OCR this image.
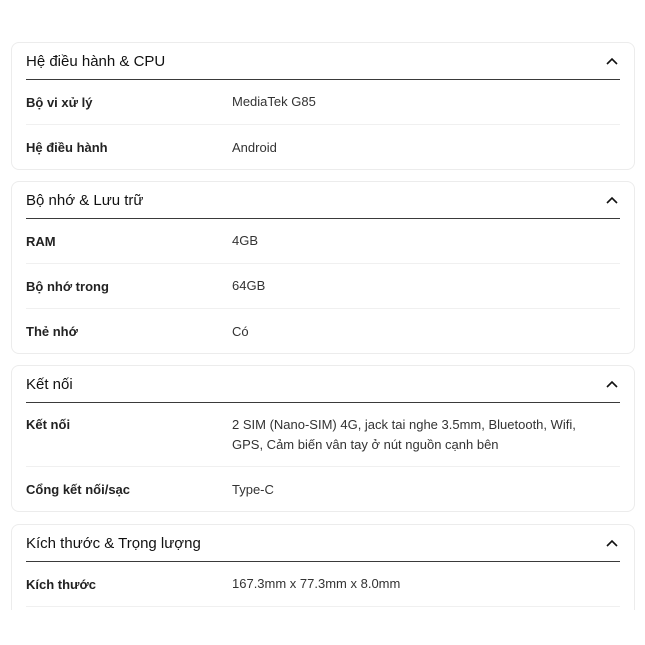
Hệ điều hành & CPU
Bộ vi xử lý	MediaTek G85
Hệ điều hành	Android
Bộ nhớ & Lưu trữ
RAM	4GB
Bộ nhớ trong	64GB
Thẻ nhớ	Có
Kết nối
Kết nối	2 SIM (Nano-SIM) 4G, jack tai nghe 3.5mm, Bluetooth, Wifi,
GPS, Cảm biến vân tay ở nút nguồn cạnh bên
Cổng kết nối/sạc	Type-C
Kích thước & Trọng lượng
Kích thước	167.3mm x 77.3mm x 8.0mm
